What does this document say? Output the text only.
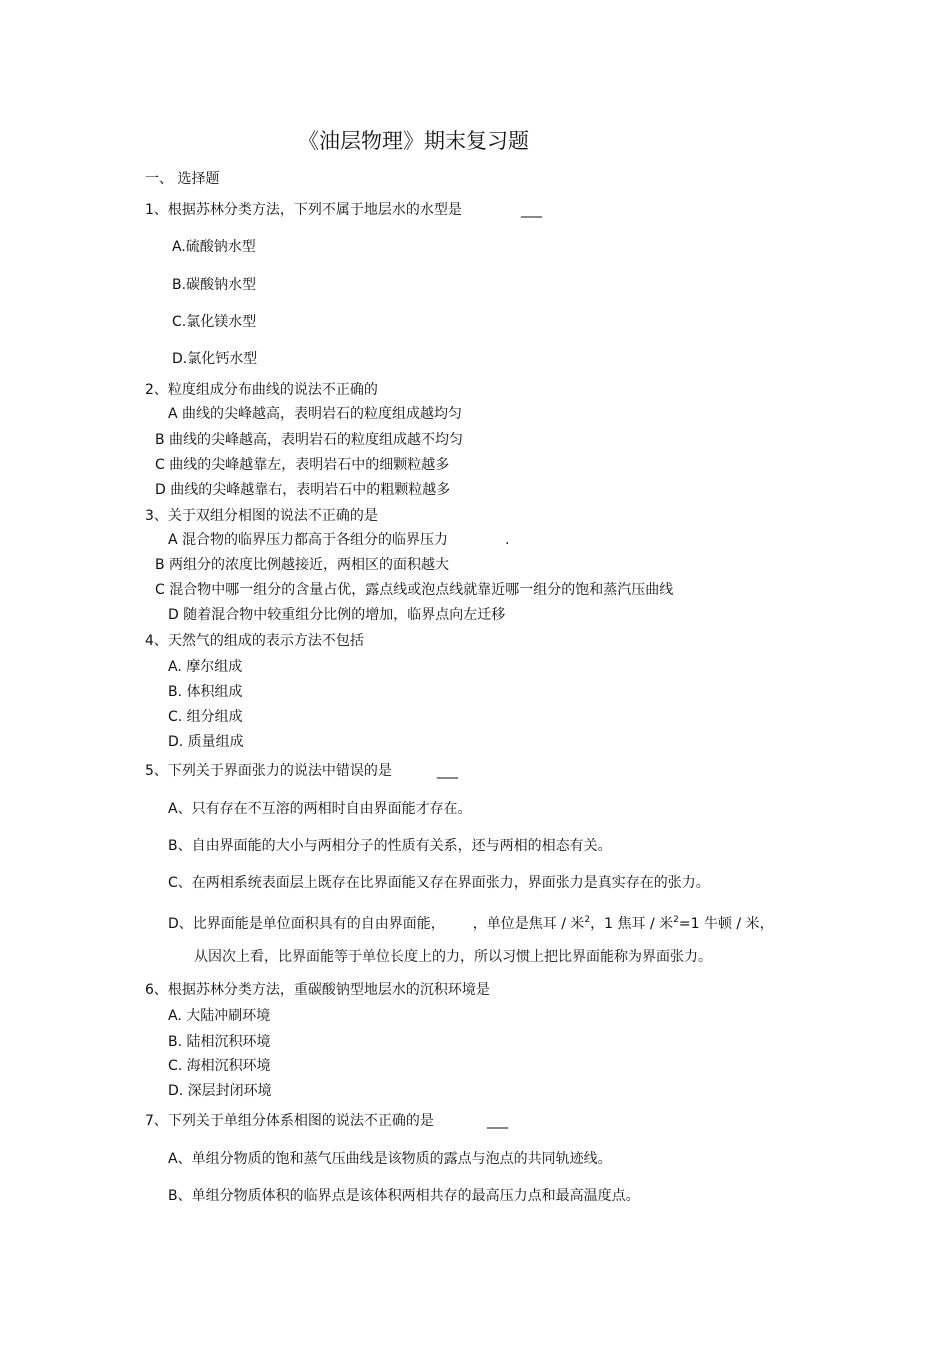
《油层物理》期末复习题
一、 选择题
1、根据苏林分类方法，下列不属于地层水的水型是	___
A.硫酸钠水型
B.碳酸钠水型
C.氯化镁水型
D.氯化钙水型
2、粒度组成分布曲线的说法不正确的
A 曲线的尖峰越高，表明岩石的粒度组成越均匀
B 曲线的尖峰越高，表明岩石的粒度组成越不均匀
C 曲线的尖峰越靠左，表明岩石中的细颗粒越多
D 曲线的尖峰越靠右，表明岩石中的粗颗粒越多
3、关于双组分相图的说法不正确的是
A 混合物的临界压力都高于各组分的临界压力	.
B 两组分的浓度比例越接近，两相区的面积越大
C 混合物中哪一组分的含量占优，露点线或泡点线就靠近哪一组分的饱和蒸汽压曲线
D 随着混合物中较重组分比例的增加，临界点向左迁移
4、天然气的组成的表示方法不包括
A. 摩尔组成
B. 体积组成
C. 组分组成
D. 质量组成
5、下列关于界面张力的说法中错误的是	___
A、只有存在不互溶的两相时自由界面能才存在。
B、自由界面能的大小与两相分子的性质有关系，还与两相的相态有关。
C、在两相系统表面层上既存在比界面能又存在界面张力，界面张力是真实存在的张力。
D、比界面能是单位面积具有的自由界面能， ，单位是焦耳 / 米$^2$，1 焦耳 / 米$^2$=1 牛顿 / 米，
从因次上看，比界面能等于单位长度上的力，所以习惯上把比界面能称为界面张力。
6、根据苏林分类方法，重碳酸钠型地层水的沉积环境是
A. 大陆冲刷环境
B. 陆相沉积环境
C. 海相沉积环境
D. 深层封闭环境
7、下列关于单组分体系相图的说法不正确的是	___
A、单组分物质的饱和蒸气压曲线是该物质的露点与泡点的共同轨迹线。
B、单组分物质体积的临界点是该体积两相共存的最高压力点和最高温度点。
